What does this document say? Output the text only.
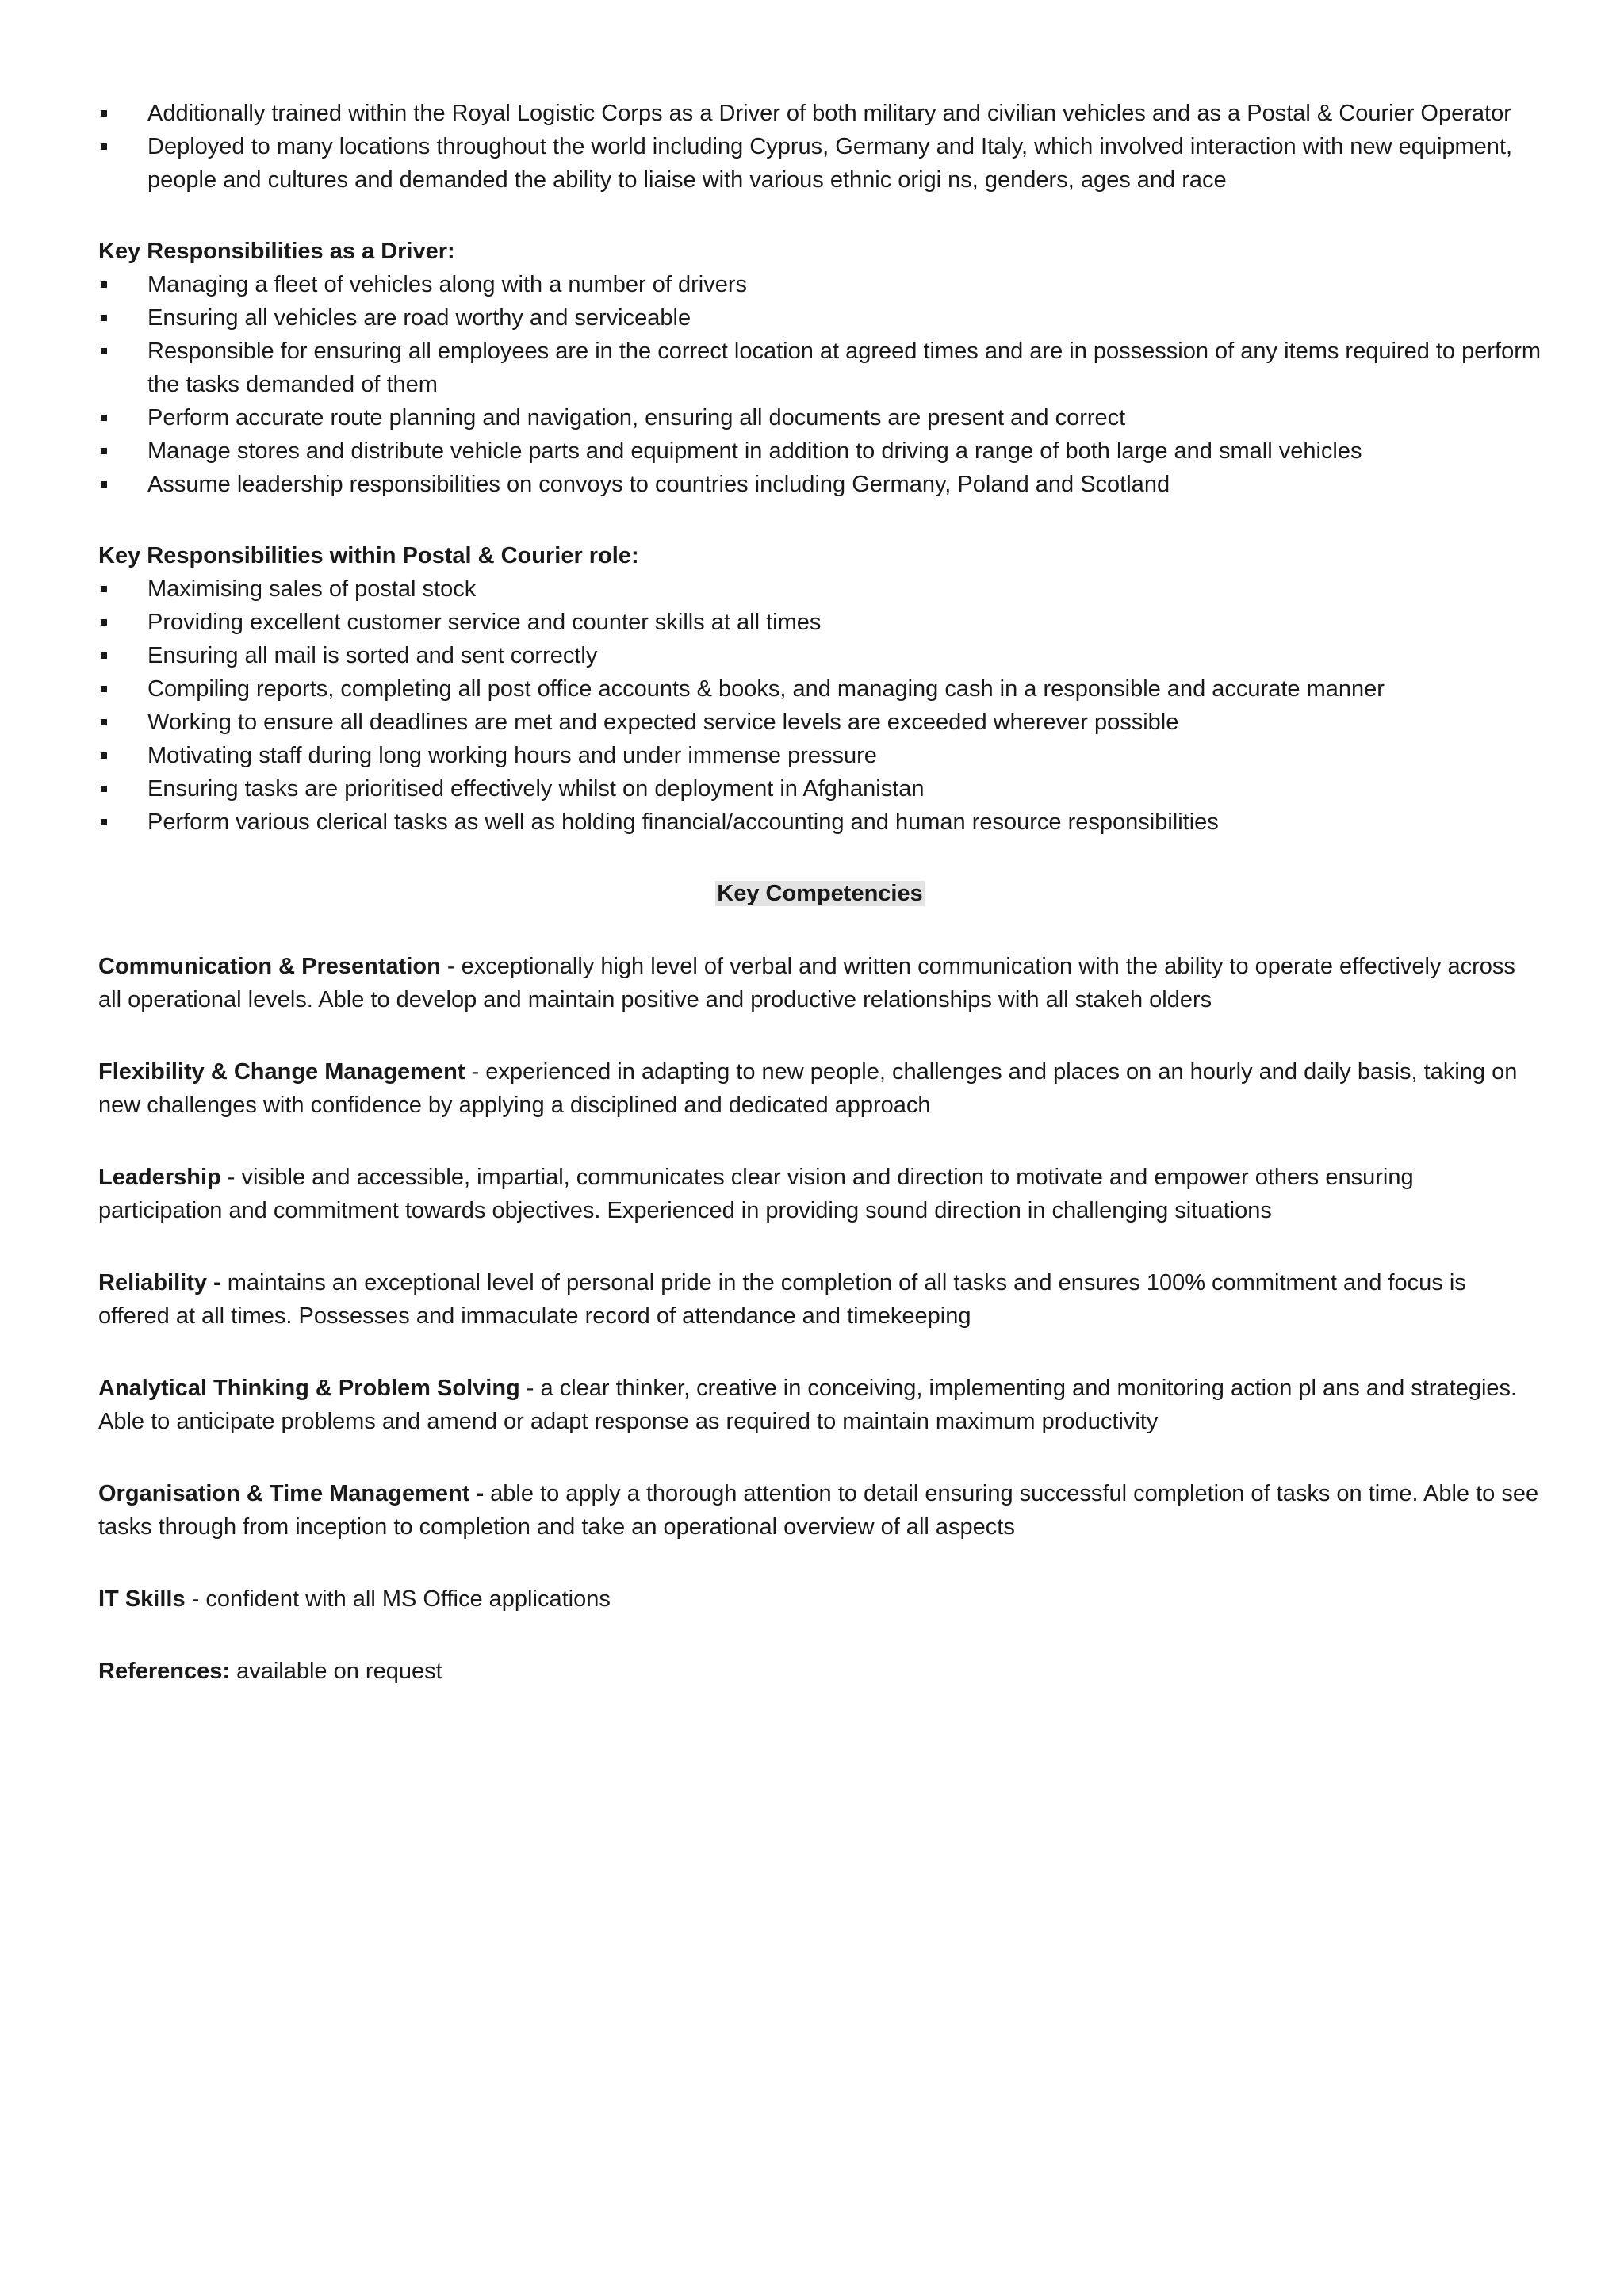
Additionally trained within the Royal Logistic Corps as a Driver of both military and civilian vehicles and as a Postal & Courier Operator
Deployed to many locations throughout the world including Cyprus, Germany and Italy, which involved interaction with new equipment, people and cultures and demanded the ability to liaise with various ethnic origi ns, genders, ages and race

Key Responsibilities as a Driver:

Managing a fleet of vehicles along with a number of drivers
Ensuring all vehicles are road worthy and serviceable
Responsible for ensuring all employees are in the correct location at agreed times and are in possession of any items required to perform the tasks demanded of them
Perform accurate route planning and navigation, ensuring all documents are present and correct
Manage stores and distribute vehicle parts and equipment in addition to driving a range of both large and small vehicles
Assume leadership responsibilities on convoys to countries including Germany, Poland and Scotland

Key Responsibilities within Postal & Courier role:

Maximising sales of postal stock
Providing excellent customer service and counter skills at all times
Ensuring all mail is sorted and sent correctly
Compiling reports, completing all post office accounts & books, and managing cash in a responsible and accurate manner
Working to ensure all deadlines are met and expected service levels are exceeded wherever possible
Motivating staff during long working hours and under immense pressure
Ensuring tasks are prioritised effectively whilst on deployment in Afghanistan
Perform various clerical tasks as well as holding financial/accounting and human resource responsibilities

Key Competencies

Communication & Presentation - exceptionally high level of verbal and written communication with the ability to operate effectively across all operational levels. Able to develop and maintain positive and productive relationships with all stakeh olders

Flexibility & Change Management - experienced in adapting to new people, challenges and places on an hourly and daily basis, taking on new challenges with confidence by applying a disciplined and dedicated approach

Leadership - visible and accessible, impartial, communicates clear vision and direction to motivate and empower others ensuring participation and commitment towards objectives. Experienced in providing sound direction in challenging situations

Reliability - maintains an exceptional level of personal pride in the completion of all tasks and ensures 100% commitment and focus is offered at all times. Possesses and immaculate record of attendance and timekeeping

Analytical Thinking & Problem Solving - a clear thinker, creative in conceiving, implementing and monitoring action pl ans and strategies. Able to anticipate problems and amend or adapt response as required to maintain maximum productivity

Organisation & Time Management - able to apply a thorough attention to detail ensuring successful completion of tasks on time. Able to see tasks through from inception to completion and take an operational overview of all aspects

IT Skills - confident with all MS Office applications

References: available on request
